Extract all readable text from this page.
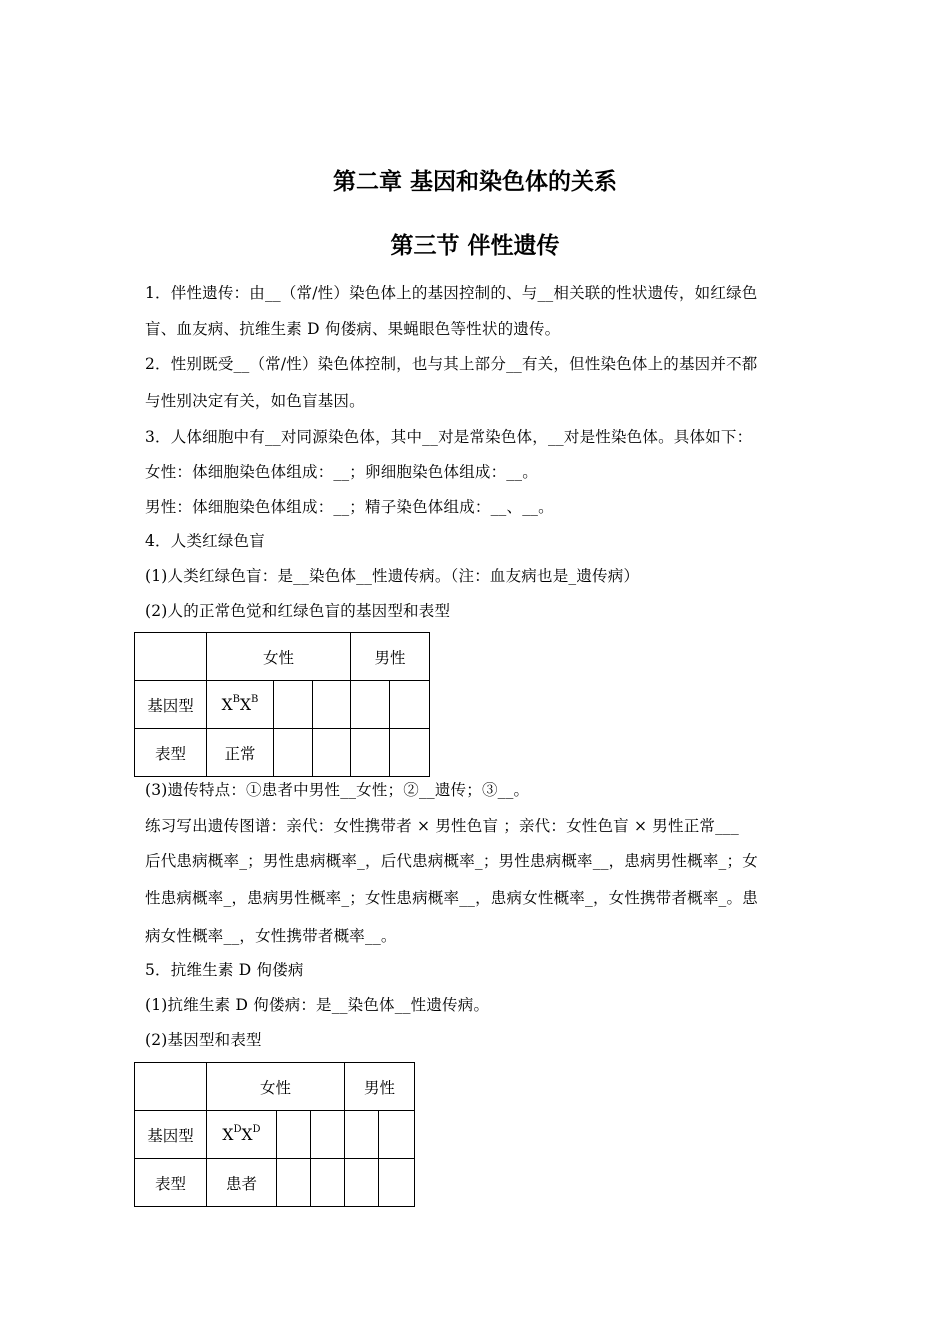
第二章 基因和染色体的关系
第三节 伴性遗传
1．伴性遗传：由__（常/性）染色体上的基因控制的、与__相关联的性状遗传，如红绿色
盲、血友病、抗维生素 D 佝偻病、果蝇眼色等性状的遗传。
2．性别既受__（常/性）染色体控制，也与其上部分__有关，但性染色体上的基因并不都
与性别决定有关，如色盲基因。
3．人体细胞中有__对同源染色体，其中__对是常染色体，__对是性染色体。具体如下：
女性：体细胞染色体组成：__；卵细胞染色体组成：__。
男性：体细胞染色体组成：__；精子染色体组成：__、__。
4．人类红绿色盲
(1)人类红绿色盲：是__染色体__性遗传病。（注：血友病也是_遗传病）
(2)人的正常色觉和红绿色盲的基因型和表型
	女性			男性	
基因型	$X^BX^B$				
表型	正常				
(3)遗传特点：①患者中男性__女性；②__遗传；③__。
练习写出遗传图谱：亲代：女性携带者 × 男性色盲 ；亲代：女性色盲 × 男性正常___
后代患病概率_；男性患病概率_，后代患病概率_；男性患病概率__，患病男性概率_；女
性患病概率_，患病男性概率_；女性患病概率__，患病女性概率_，女性携带者概率_。患
病女性概率__，女性携带者概率__。
5．抗维生素 D 佝偻病
(1)抗维生素 D 佝偻病：是__染色体__性遗传病。
(2)基因型和表型
	女性			男性	
基因型	$X^DX^D$				
表型	患者				
